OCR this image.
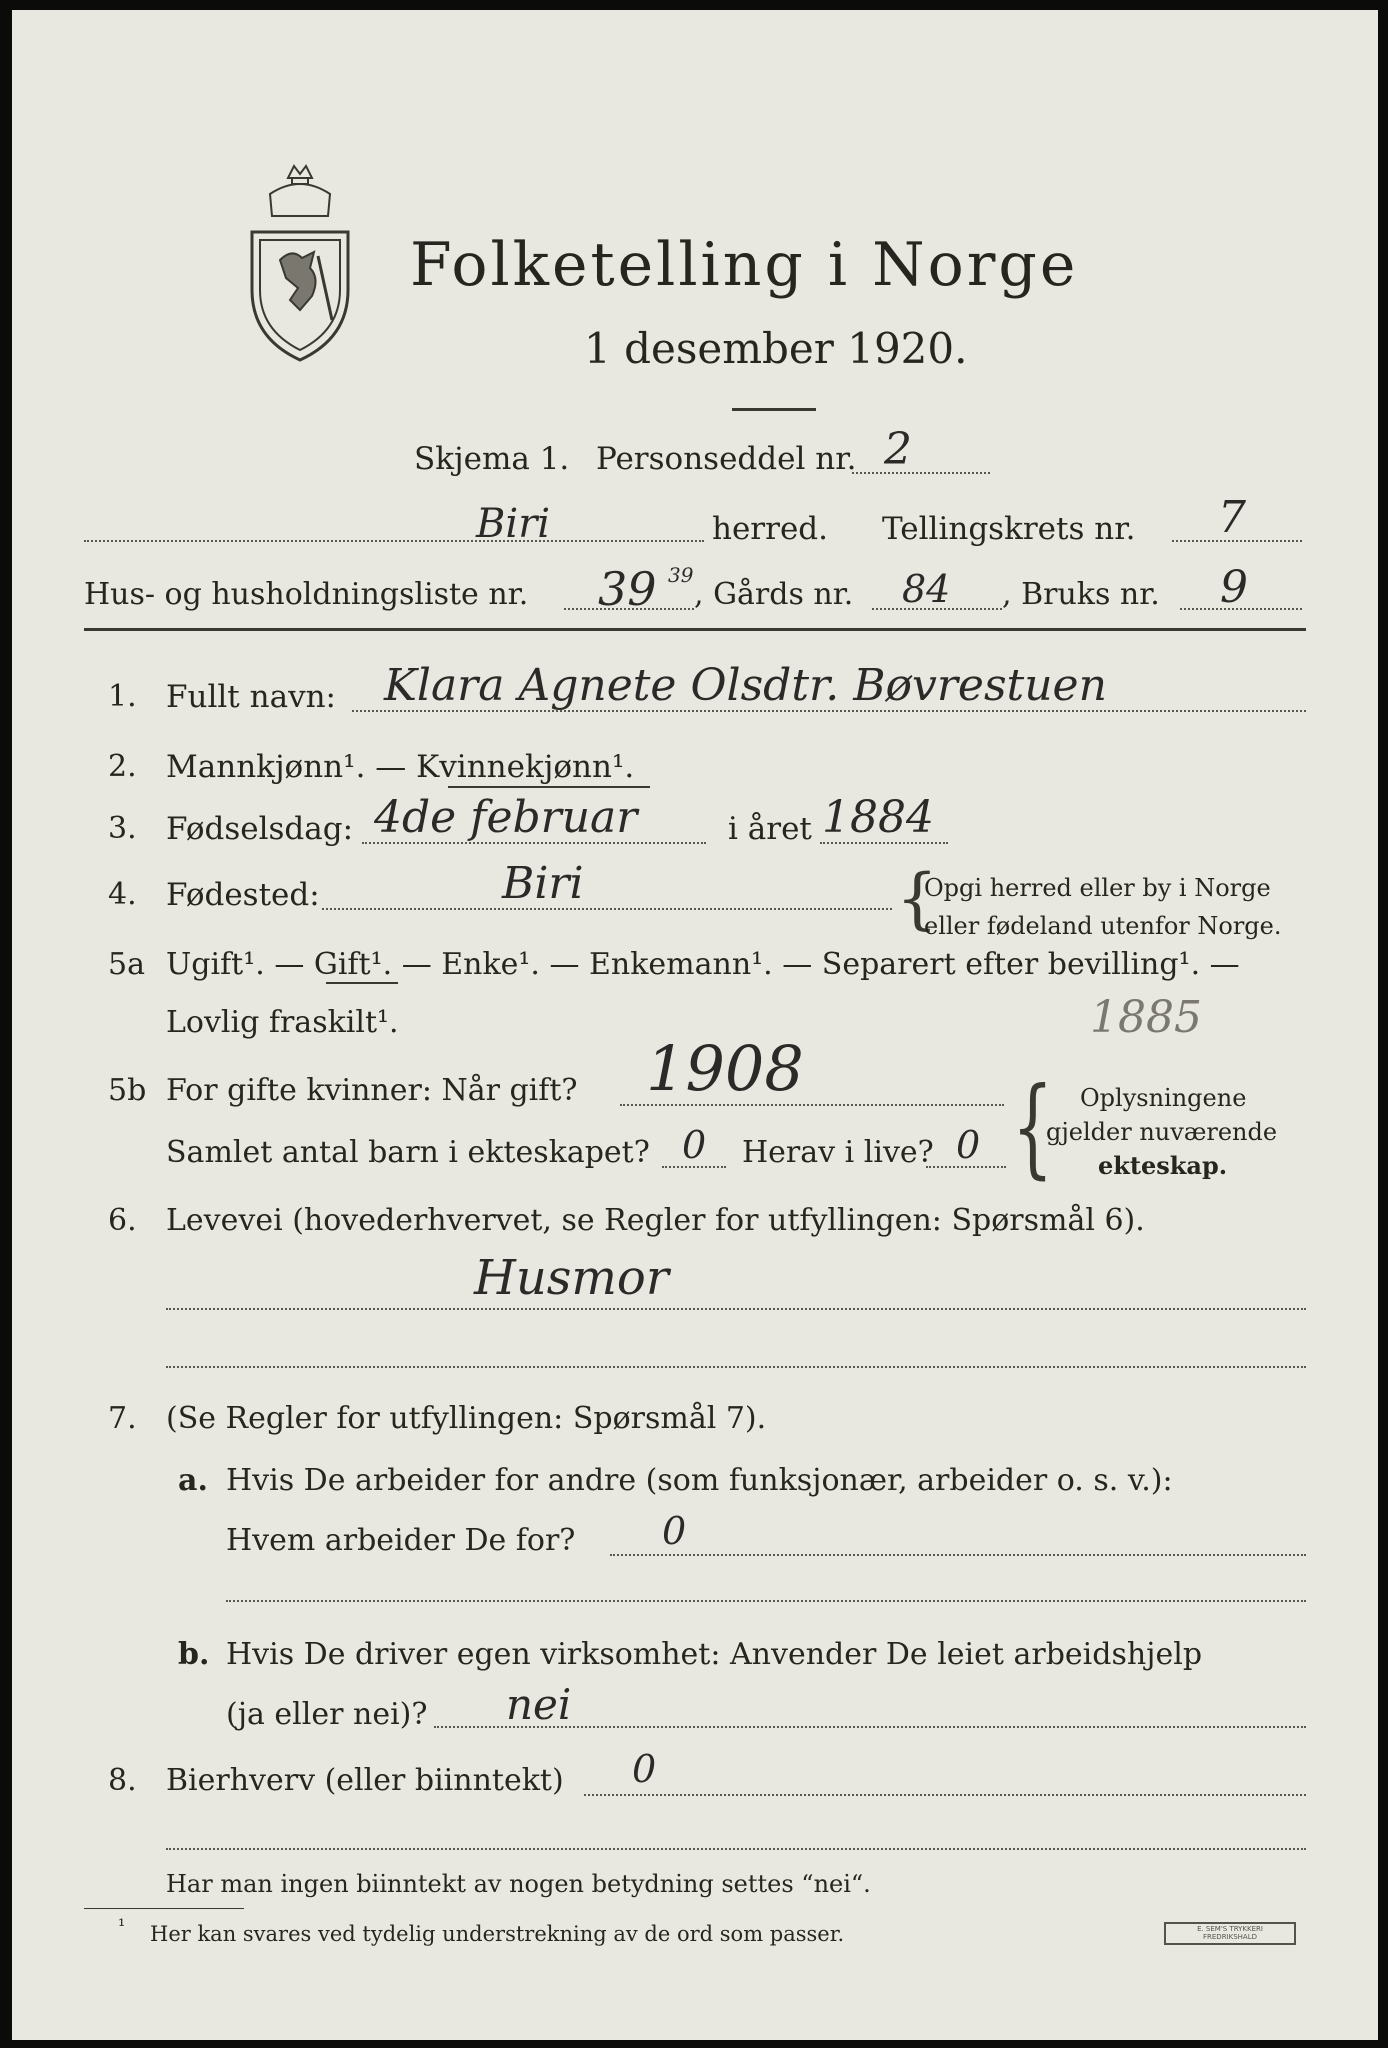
Folketelling i Norge
1 desember 1920.
Skjema 1. Personseddel nr. 2
Biri	herred. Tellingskrets nr. 7
Hus- og husholdningsliste nr. 39 39
, Gårds nr. 84 , Bruks nr. 9
1. Fullt navn: Klara Agnete Olsdtr. Bøvrestuen
2. Mannkjønn¹. — Kvinnekjønn¹.
3. Fødselsdag: 4de februar	i året 1884
4. Fødested:	Biri	{
Opgi herred eller by i Norge
eller fødeland utenfor Norge.
5a Ugift¹. — Gift¹. — Enke¹. — Enkemann¹. — Separert efter bevilling¹. —
Lovlig fraskilt¹.	1885
5b For gifte kvinner: Når gift? 1908
Samlet antal barn i ekteskapet? 0 Herav i live? 0 { Oplysningene
gjelder nuværende
ekteskap.
6. Levevei (hovederhvervet, se Regler for utfyllingen: Spørsmål 6).
Husmor
7. (Se Regler for utfyllingen: Spørsmål 7).
a. Hvis De arbeider for andre (som funksjonær, arbeider o. s. v.):
Hvem arbeider De for? 0
b. Hvis De driver egen virksomhet: Anvender De leiet arbeidshjelp
(ja eller nei)? nei
8. Bierhverv (eller biinntekt) 0
Har man ingen biinntekt av nogen betydning settes “nei“.
¹ Her kan svares ved tydelig understrekning av de ord som passer.	E. SEM'S TRYKKERI
FREDRIKSHALD
